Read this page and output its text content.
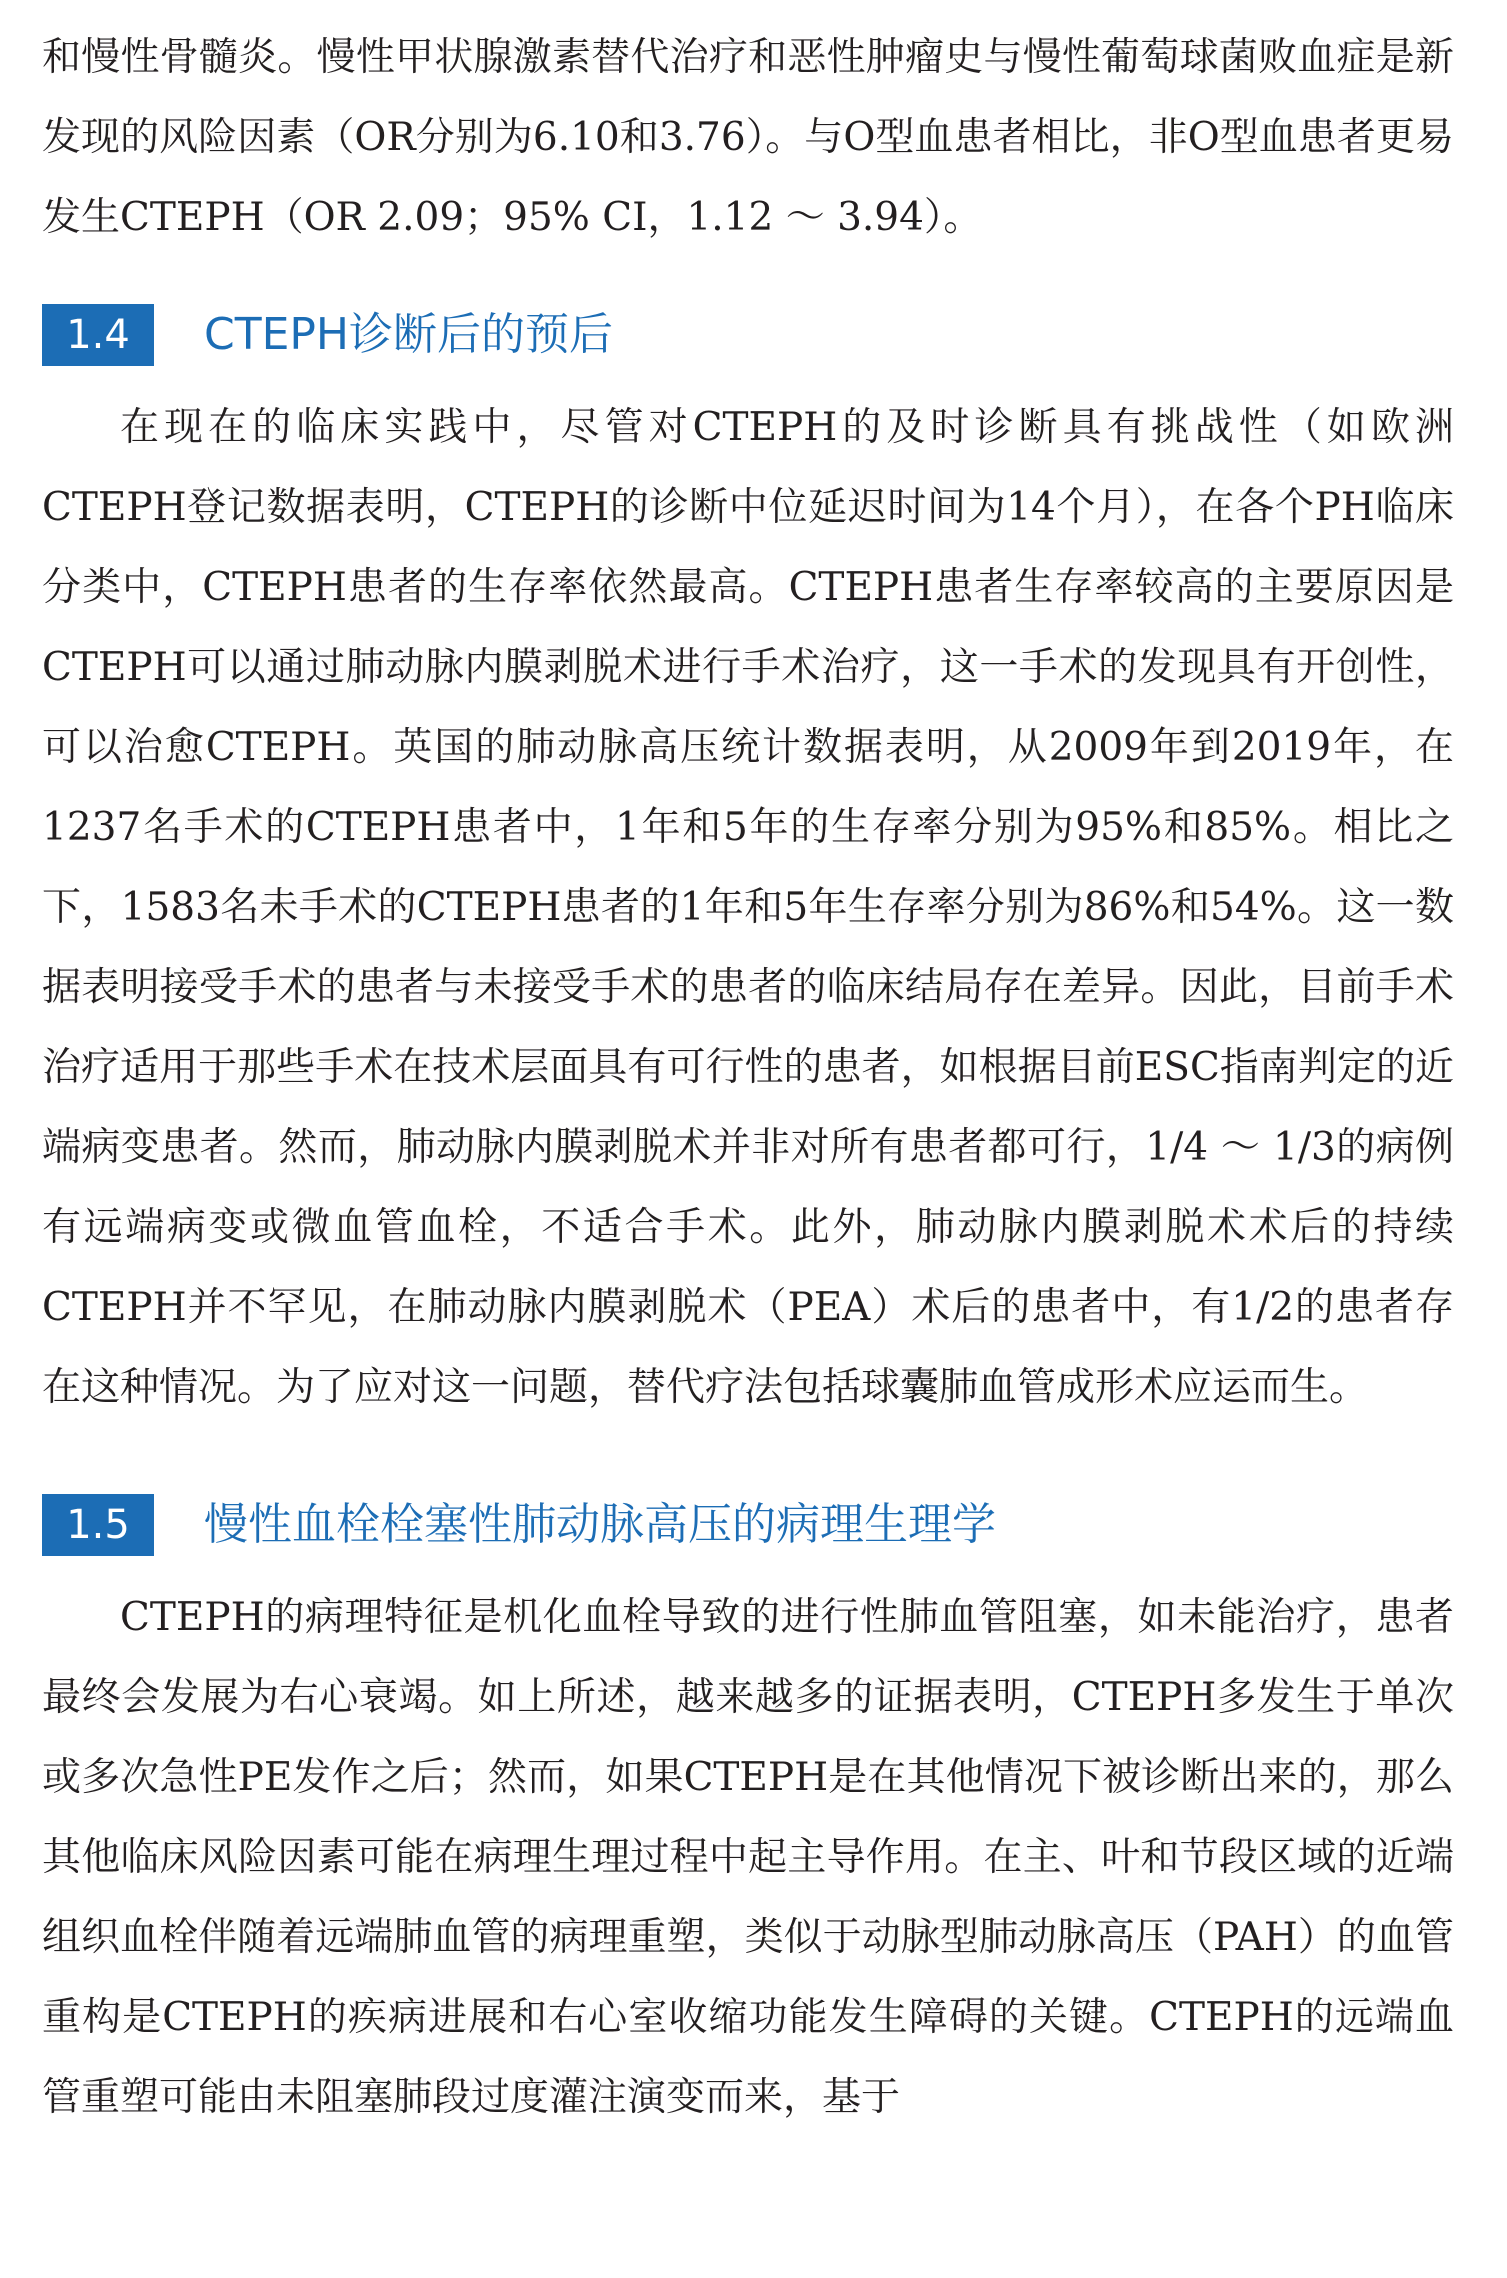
和慢性骨髓炎。慢性甲状腺激素替代治疗和恶性肿瘤史与慢性葡萄球菌败血症是新发现的风险因素（OR分别为6.10和3.76）。与O型血患者相比，非O型血患者更易发生CTEPH（OR 2.09；95% CI，1.12 ～ 3.94）。

1.4	CTEPH诊断后的预后

在现在的临床实践中，尽管对CTEPH的及时诊断具有挑战性（如欧洲CTEPH登记数据表明，CTEPH的诊断中位延迟时间为14个月），在各个PH临床分类中，CTEPH患者的生存率依然最高。CTEPH患者生存率较高的主要原因是CTEPH可以通过肺动脉内膜剥脱术进行手术治疗，这一手术的发现具有开创性，可以治愈CTEPH。英国的肺动脉高压统计数据表明，从2009年到2019年，在1237名手术的CTEPH患者中，1年和5年的生存率分别为95%和85%。相比之下，1583名未手术的CTEPH患者的1年和5年生存率分别为86%和54%。这一数据表明接受手术的患者与未接受手术的患者的临床结局存在差异。因此，目前手术治疗适用于那些手术在技术层面具有可行性的患者，如根据目前ESC指南判定的近端病变患者。然而，肺动脉内膜剥脱术并非对所有患者都可行，1/4 ～ 1/3的病例有远端病变或微血管血栓，不适合手术。此外，肺动脉内膜剥脱术术后的持续CTEPH并不罕见，在肺动脉内膜剥脱术（PEA）术后的患者中，有1/2的患者存在这种情况。为了应对这一问题，替代疗法包括球囊肺血管成形术应运而生。

1.5	慢性血栓栓塞性肺动脉高压的病理生理学

CTEPH的病理特征是机化血栓导致的进行性肺血管阻塞，如未能治疗，患者最终会发展为右心衰竭。如上所述，越来越多的证据表明，CTEPH多发生于单次或多次急性PE发作之后；然而，如果CTEPH是在其他情况下被诊断出来的，那么其他临床风险因素可能在病理生理过程中起主导作用。在主、叶和节段区域的近端组织血栓伴随着远端肺血管的病理重塑，类似于动脉型肺动脉高压（PAH）的血管重构是CTEPH的疾病进展和右心室收缩功能发生障碍的关键。CTEPH的远端血管重塑可能由未阻塞肺段过度灌注演变而来，基于
